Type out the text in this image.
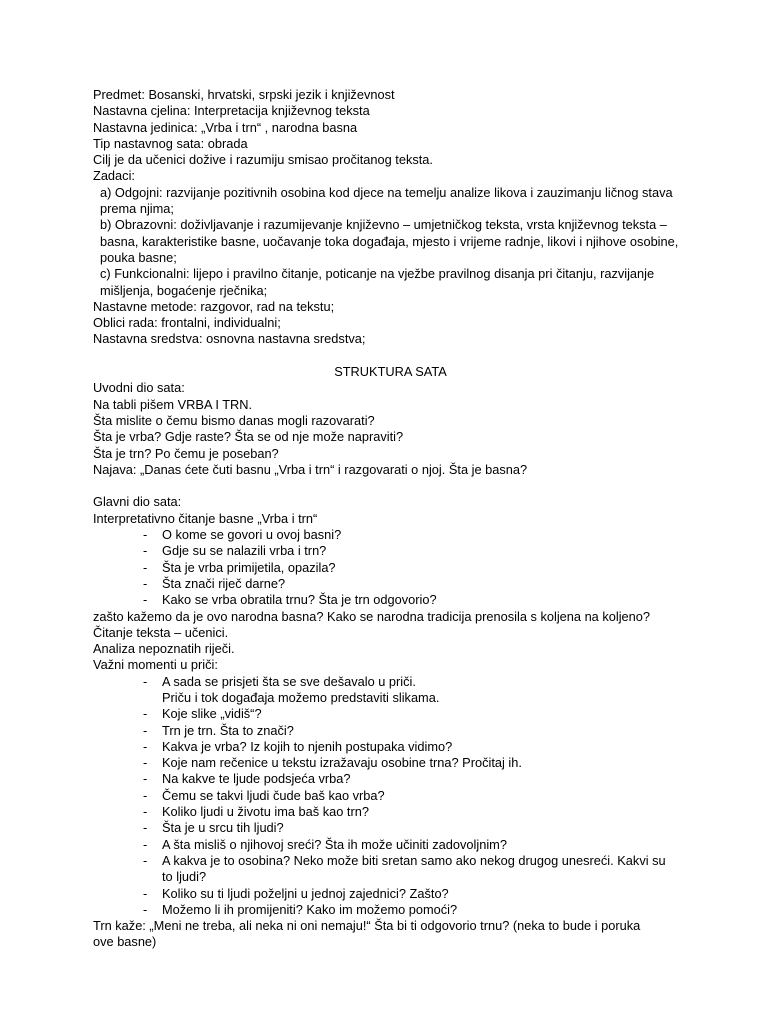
Predmet: Bosanski, hrvatski, srpski jezik i književnost
Nastavna cjelina: Interpretacija književnog teksta
Nastavna jedinica: „Vrba i trn“ , narodna basna
Tip nastavnog sata: obrada
Cilj je da učenici dožive i razumiju smisao pročitanog teksta.
Zadaci:
a) Odgojni: razvijanje pozitivnih osobina kod djece na temelju analize likova i zauzimanju ličnog stava prema njima;
b) Obrazovni: doživljavanje i razumijevanje književno – umjetničkog teksta, vrsta književnog teksta – basna, karakteristike basne, uočavanje toka događaja, mjesto i vrijeme radnje, likovi i njihove osobine, pouka basne;
c) Funkcionalni: lijepo i pravilno čitanje, poticanje na vježbe pravilnog disanja pri čitanju, razvijanje mišljenja, bogaćenje rječnika;
Nastavne metode: razgovor, rad na tekstu;
Oblici rada: frontalni, individualni;
Nastavna sredstva: osnovna nastavna sredstva;
STRUKTURA SATA
Uvodni dio sata:
Na tabli pišem VRBA I TRN.
Šta mislite o čemu bismo danas mogli razovarati?
Šta je vrba? Gdje raste? Šta se od nje može napraviti?
Šta je trn? Po čemu je poseban?
Najava: „Danas ćete čuti basnu „Vrba i trn“ i razgovarati o njoj. Šta je basna?
Glavni dio sata:
Interpretativno čitanje basne „Vrba i trn“
- O kome se govori u ovoj basni?
- Gdje su se nalazili vrba i trn?
- Šta je vrba primijetila, opazila?
- Šta znači riječ darne?
- Kako se vrba obratila trnu? Šta je trn odgovorio?
zašto kažemo da je ovo narodna basna? Kako se narodna tradicija prenosila s koljena na koljeno?
Čitanje teksta – učenici.
Analiza nepoznatih riječi.
Važni momenti u priči:
- A sada se prisjeti šta se sve dešavalo u priči.
Priču i tok događaja možemo predstaviti slikama.
- Koje slike „vidiš“?
- Trn je trn. Šta to znači?
- Kakva je vrba? Iz kojih to njenih postupaka vidimo?
- Koje nam rečenice u tekstu izražavaju osobine trna? Pročitaj ih.
- Na kakve te ljude podsjeća vrba?
- Čemu se takvi ljudi čude baš kao vrba?
- Koliko ljudi u životu ima baš kao trn?
- Šta je u srcu tih ljudi?
- A šta misliš o njihovoj sreći? Šta ih može učiniti zadovoljnim?
- A kakva je to osobina? Neko može biti sretan samo ako nekog drugog unesreći. Kakvi su
to ljudi?
- Koliko su ti ljudi poželjni u jednoj zajednici? Zašto?
- Možemo li ih promijeniti? Kako im možemo pomoći?
Trn kaže: „Meni ne treba, ali neka ni oni nemaju!“ Šta bi ti odgovorio trnu? (neka to bude i poruka
ove basne)
